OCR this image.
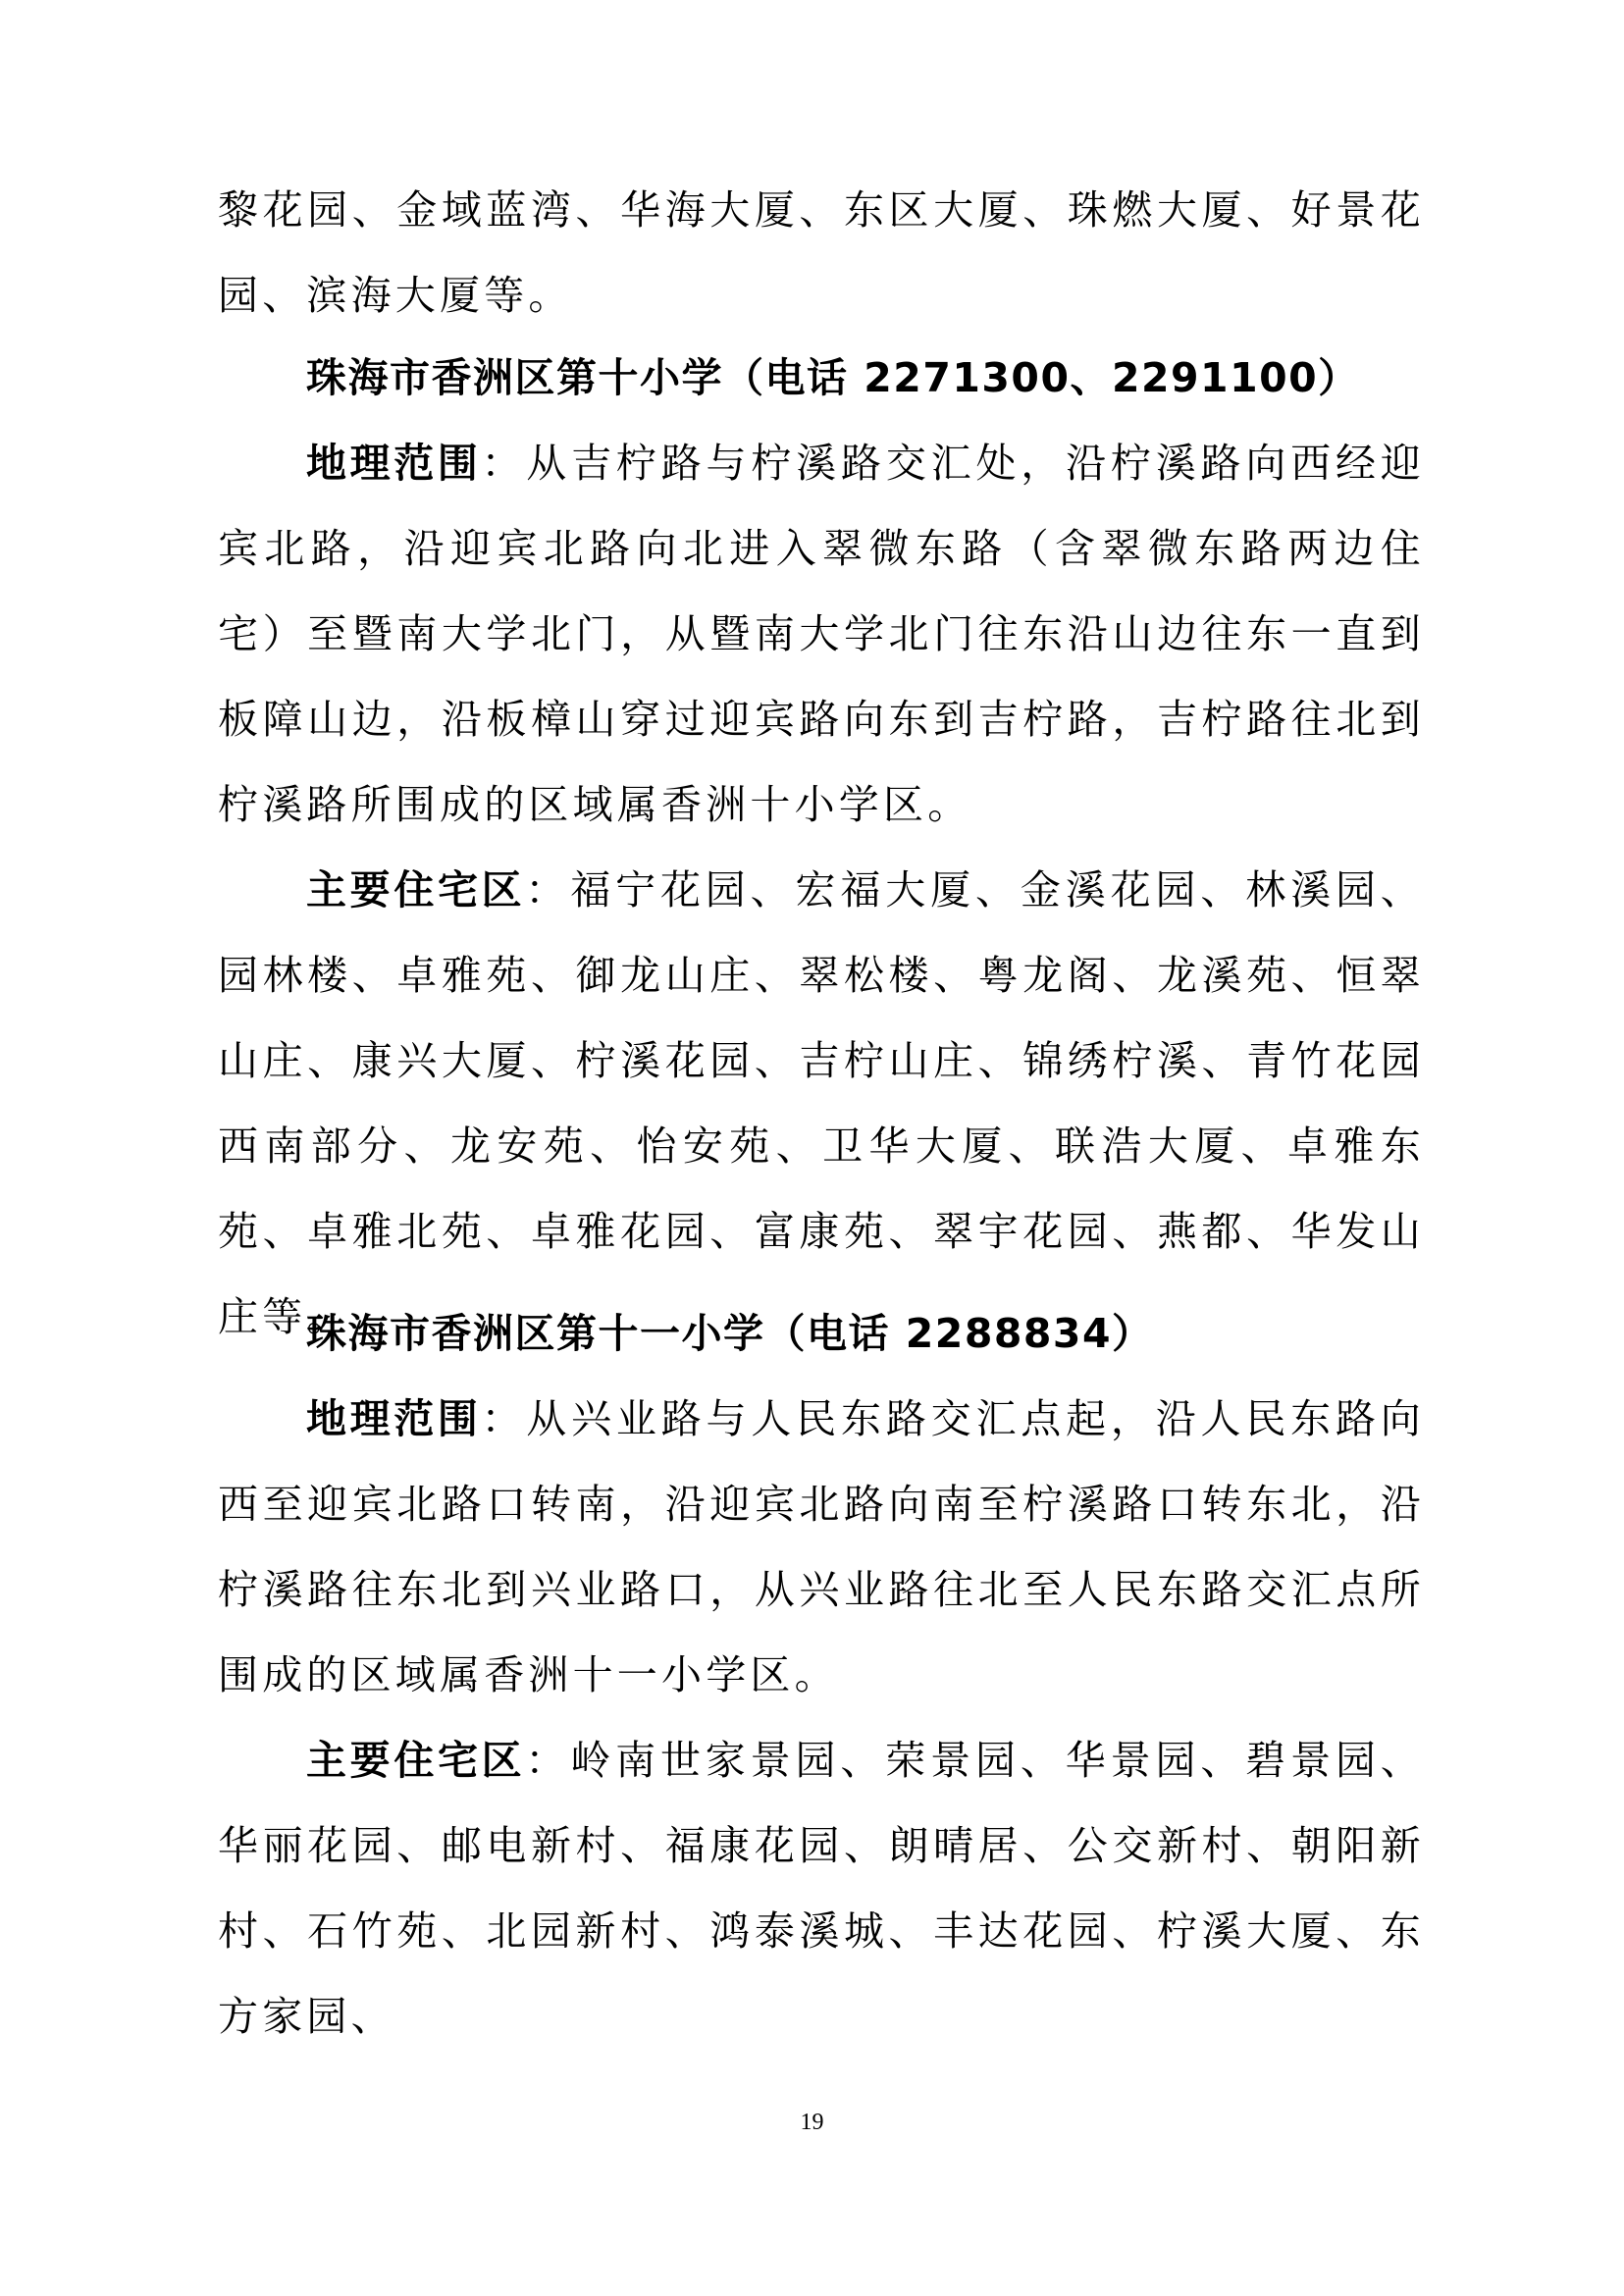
黎花园、金域蓝湾、华海大厦、东区大厦、珠燃大厦、好景花园、滨海大厦等。

珠海市香洲区第十小学（电话 2271300、2291100）

地理范围：从吉柠路与柠溪路交汇处，沿柠溪路向西经迎宾北路，沿迎宾北路向北进入翠微东路（含翠微东路两边住宅）至暨南大学北门，从暨南大学北门往东沿山边往东一直到板障山边，沿板樟山穿过迎宾路向东到吉柠路，吉柠路往北到柠溪路所围成的区域属香洲十小学区。

主要住宅区：福宁花园、宏福大厦、金溪花园、林溪园、园林楼、卓雅苑、御龙山庄、翠松楼、粤龙阁、龙溪苑、恒翠山庄、康兴大厦、柠溪花园、吉柠山庄、锦绣柠溪、青竹花园西南部分、龙安苑、怡安苑、卫华大厦、联浩大厦、卓雅东苑、卓雅北苑、卓雅花园、富康苑、翠宇花园、燕都、华发山庄等。

珠海市香洲区第十一小学（电话 2288834）

地理范围：从兴业路与人民东路交汇点起，沿人民东路向西至迎宾北路口转南，沿迎宾北路向南至柠溪路口转东北，沿柠溪路往东北到兴业路口，从兴业路往北至人民东路交汇点所围成的区域属香洲十一小学区。

主要住宅区：岭南世家景园、荣景园、华景园、碧景园、华丽花园、邮电新村、福康花园、朗晴居、公交新村、朝阳新村、石竹苑、北园新村、鸿泰溪城、丰达花园、柠溪大厦、东方家园、

19
